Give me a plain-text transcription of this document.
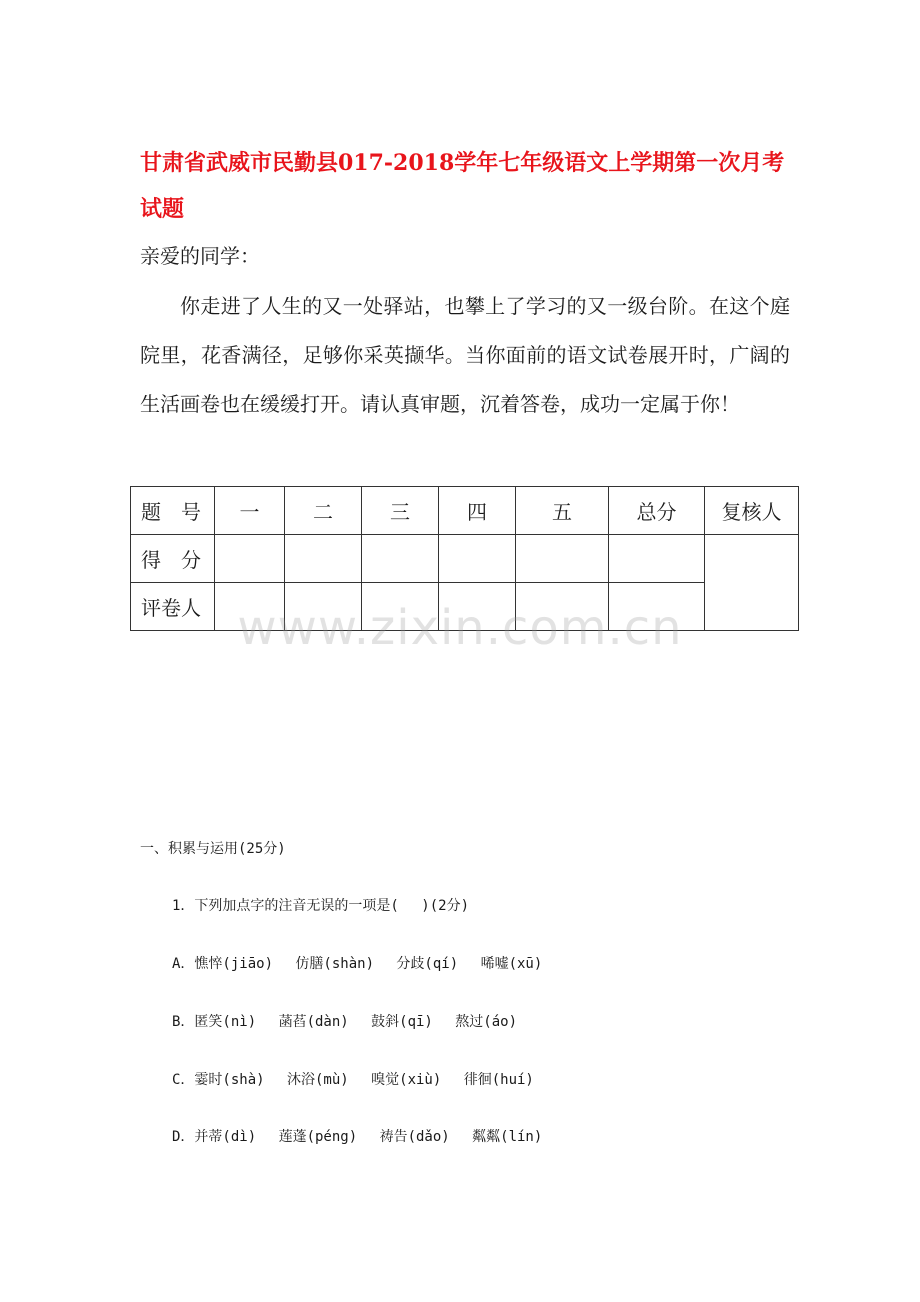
甘肃省武威市民勤县017-2018学年七年级语文上学期第一次月考试题

亲爱的同学：

你走进了人生的又一处驿站，也攀上了学习的又一级台阶。在这个庭院里，花香满径，足够你采英撷华。当你面前的语文试卷展开时，广阔的生活画卷也在缓缓打开。请认真审题，沉着答卷，成功一定属于你！

题　号	一	二	三	四	五	总分	复核人
得　分							
评卷人							www.zixin.com.cn

一、积累与运用(25分)

1．下列加点字的注音无误的一项是(　 )(2分)

A．憔悴(jiāo)　 仿膳(shàn)　 分歧(qí)　 唏嘘(xū)

B．匿笑(nì)　 菡萏(dàn)　 鼓斜(qī)　 熬过(áo)

C．霎时(shà)　 沐浴(mù)　 嗅觉(xiù)　 徘徊(huí)

D．并蒂(dì)　 莲蓬(péng)　 祷告(dǎo)　 粼粼(lín)
